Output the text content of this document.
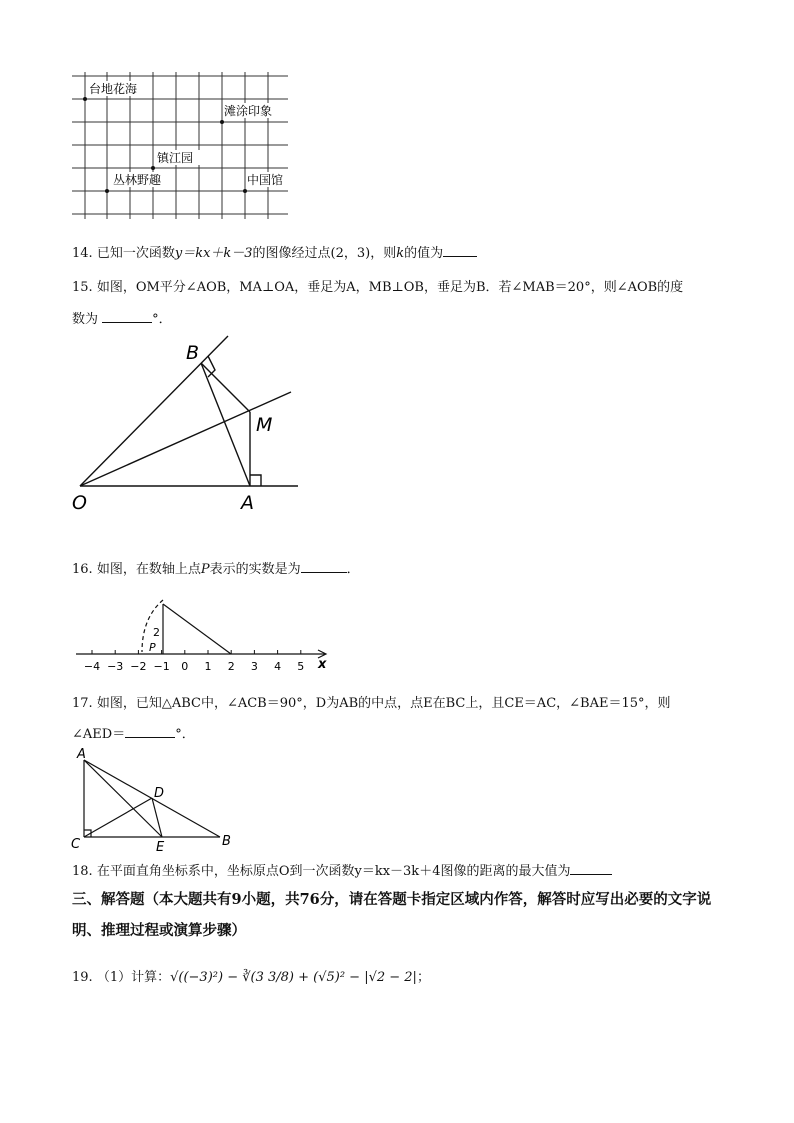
台地花海
滩涂印象
镇江园
丛林野趣	中国馆
14. 已知一次函数y＝kx＋k－3的图像经过点(2，3)，则k的值为
15. 如图，OM平分∠AOB，MA⊥OA，垂足为A，MB⊥OB，垂足为B．若∠MAB＝20°，则∠AOB的度
数为	°．
O	A
B
M
16. 如图，在数轴上点P表示的实数是为	．
−4 −3 −2 −1 0 1 2 3 4 5
2
P
x
17. 如图，已知△ABC中，∠ACB＝90°，D为AB的中点，点E在BC上，且CE＝AC，∠BAE＝15°，则
∠AED＝	°．
A
C
D
E	B
18. 在平面直角坐标系中，坐标原点O到一次函数y＝kx－3k＋4图像的距离的最大值为
三、解答题（本大题共有9小题，共76分，请在答题卡指定区域内作答，解答时应写出必要的文字说明、推理过程或演算步骤）
19. （1）计算：√((−3)²) − ∛(3 3/8) + (√5)² − |√2 − 2|；
